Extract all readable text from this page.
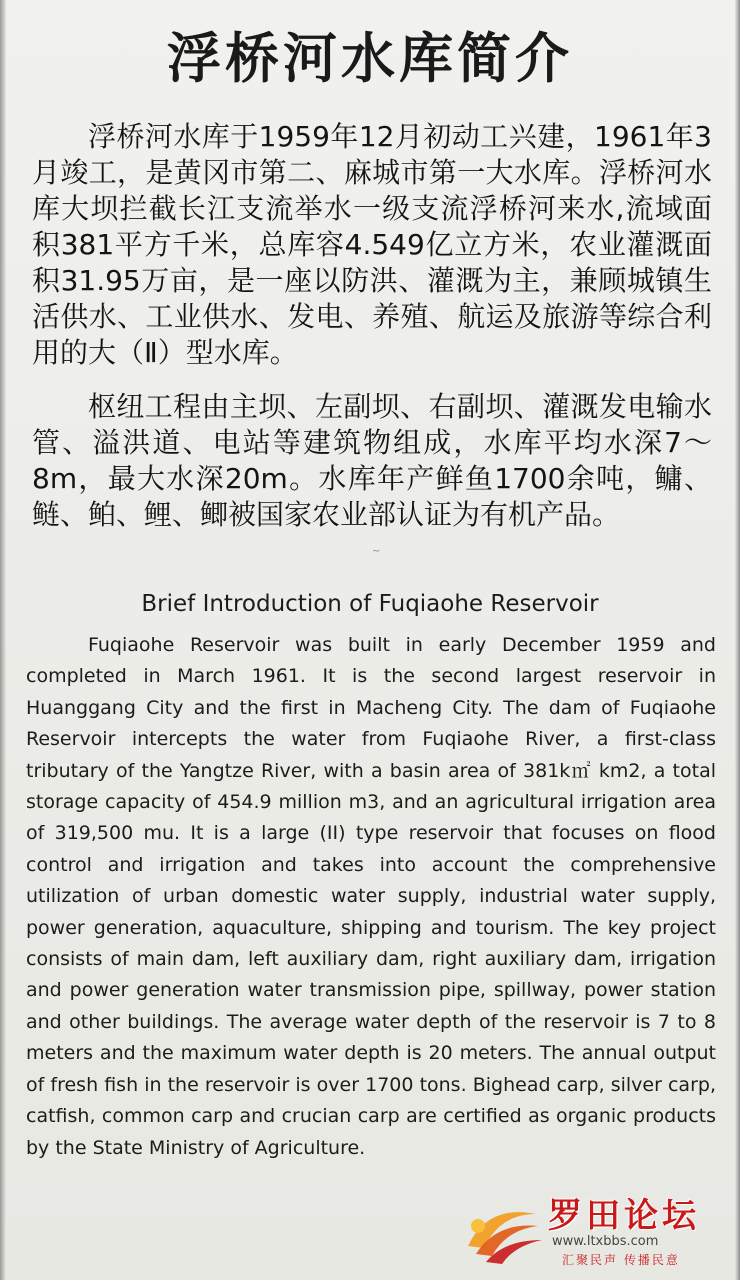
浮桥河水库简介

浮桥河水库于1959年12月初动工兴建，1961年3月竣工，是黄冈市第二、麻城市第一大水库。浮桥河水库大坝拦截长江支流举水一级支流浮桥河来水,流域面积381平方千米，总库容4.549亿立方米，农业灌溉面积31.95万亩，是一座以防洪、灌溉为主，兼顾城镇生活供水、工业供水、发电、养殖、航运及旅游等综合利用的大（Ⅱ）型水库。

枢纽工程由主坝、左副坝、右副坝、灌溉发电输水管、溢洪道、电站等建筑物组成，水库平均水深7～8m，最大水深20m。水库年产鲜鱼1700余吨，鳙、鲢、鲌、鲤、鲫被国家农业部认证为有机产品。

~
Brief Introduction of Fuqiaohe Reservoir

Fuqiaohe Reservoir was built in early December 1959 and completed in March 1961. It is the second largest reservoir in Huanggang City and the first in Macheng City. The dam of Fuqiaohe Reservoir intercepts the water from Fuqiaohe River, a first-class tributary of the Yangtze River, with a basin area of 381k㎡ km2, a total storage capacity of 454.9 million m3, and an agricultural irrigation area of 319,500 mu. It is a large (II) type reservoir that focuses on flood control and irrigation and takes into account the comprehensive utilization of urban domestic water supply, industrial water supply, power generation, aquaculture, shipping and tourism. The key project consists of main dam, left auxiliary dam, right auxiliary dam, irrigation and power generation water transmission pipe, spillway, power station and other buildings. The average water depth of the reservoir is 7 to 8 meters and the maximum water depth is 20 meters. The annual output of fresh fish in the reservoir is over 1700 tons. Bighead carp, silver carp, catfish, common carp and crucian carp are certified as organic products by the State Ministry of Agriculture.

罗田论坛
www.ltxbbs.com
汇聚民声 传播民意
